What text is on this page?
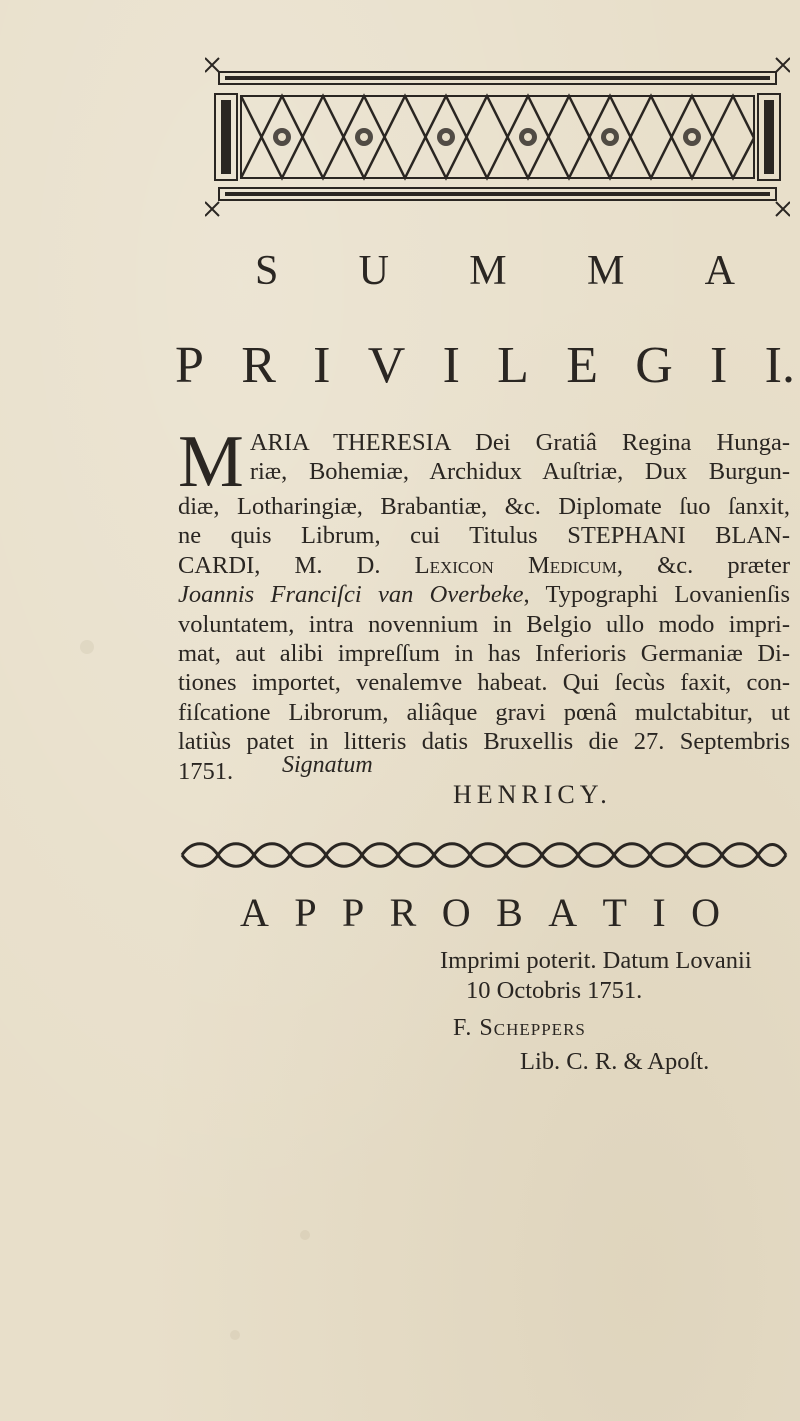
S U M M A
P R I V I L E G I I.
M ARIA THERESIA Dei Gratiâ Regina Hunga-
riæ, Bohemiæ, Archidux Auſtriæ, Dux Burgun-
diæ, Lotharingiæ, Brabantiæ, &c. Diplomate ſuo ſanxit,
ne quis Librum, cui Titulus STEPHANI BLAN-
CARDI, M. D. Lexicon Medicum, &c. præter
Joannis Franciſci van Overbeke, Typographi Lovanienſis
voluntatem, intra novennium in Belgio ullo modo impri-
mat, aut alibi impreſſum in has Inferioris Germaniæ Di-
tiones importet, venalemve habeat. Qui ſecùs faxit, con-
fiſcatione Librorum, aliâque gravi pœnâ mulctabitur, ut
latiùs patet in litteris datis Bruxellis die 27. Septembris
1751.	Signatum
HENRICY.
A P P R O B A T I O
Imprimi poterit. Datum Lovanii
10 Octobris 1751.
F. Scheppers
Lib. C. R. & Apoſt.
